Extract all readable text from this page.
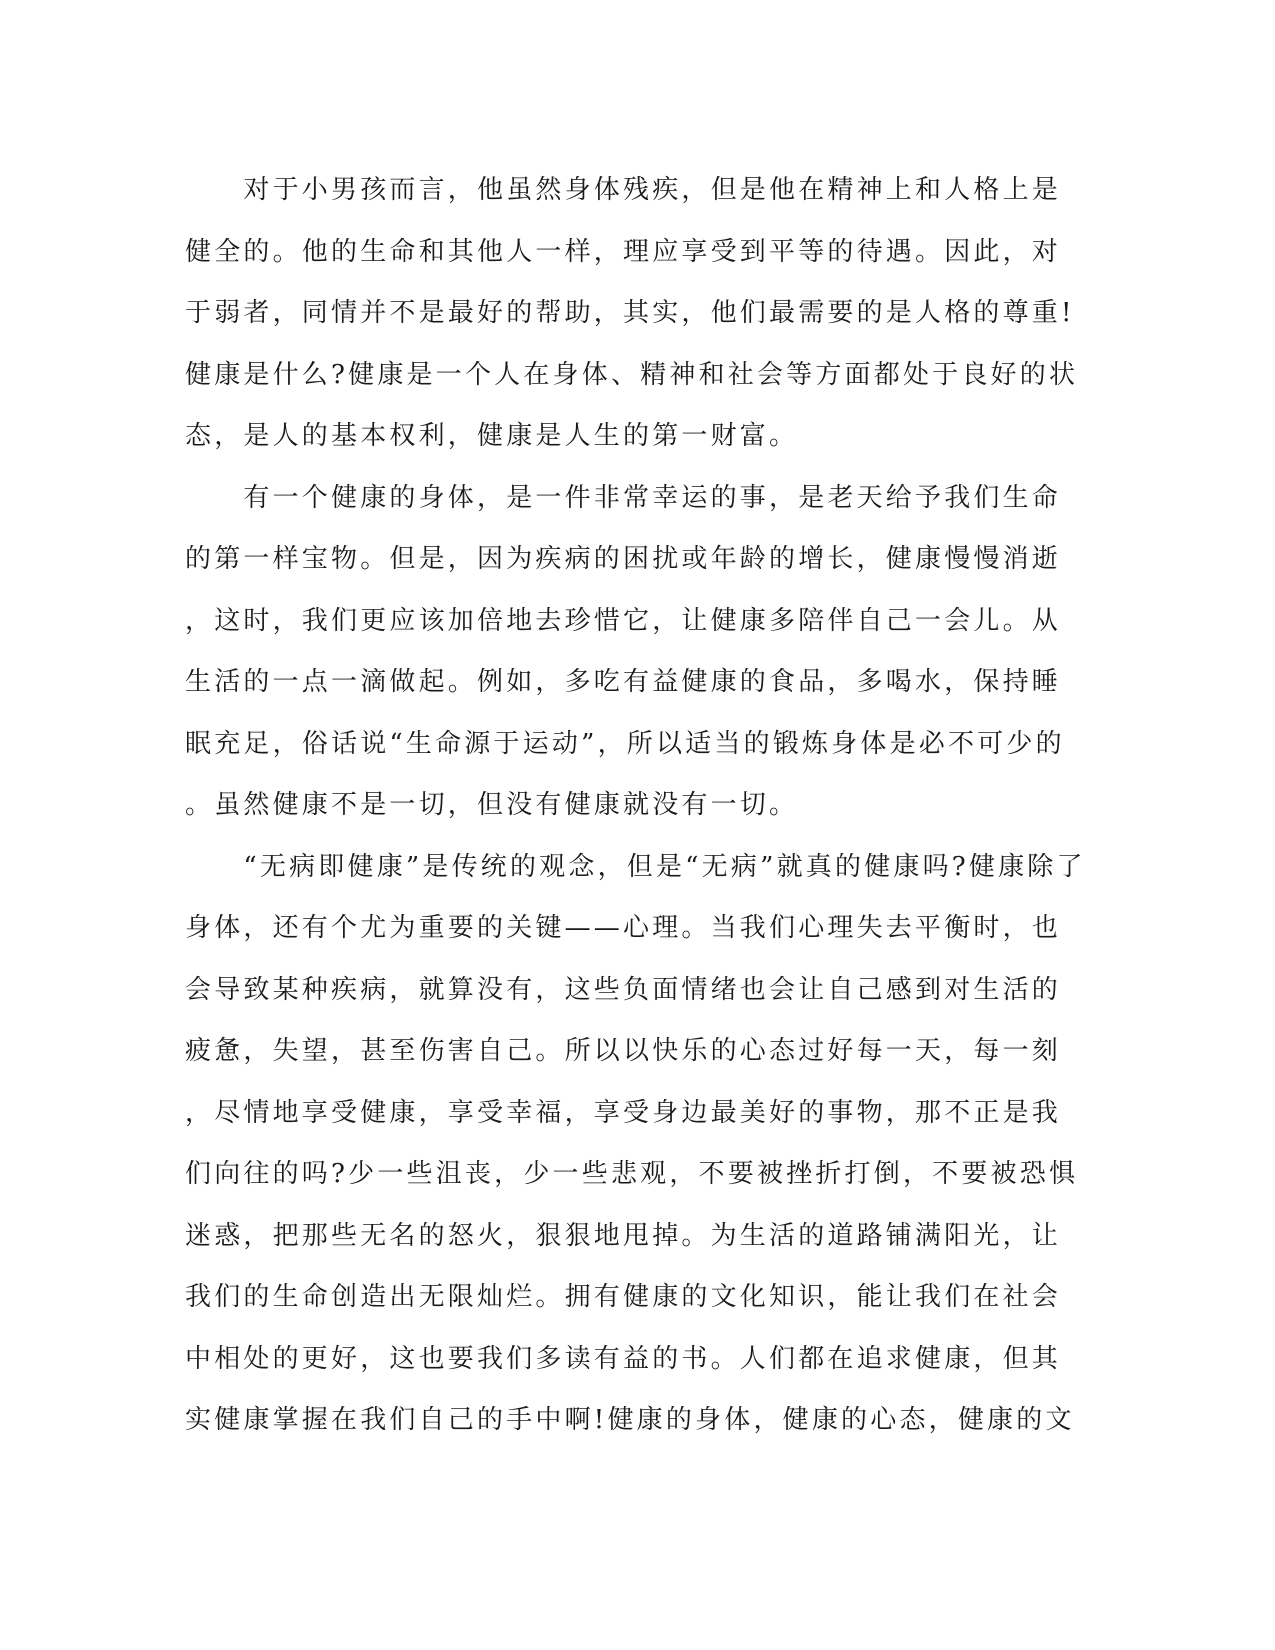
　　对于小男孩而言，他虽然身体残疾，但是他在精神上和人格上是
健全的。他的生命和其他人一样，理应享受到平等的待遇。因此，对
于弱者，同情并不是最好的帮助，其实，他们最需要的是人格的尊重!
健康是什么?健康是一个人在身体、精神和社会等方面都处于良好的状
态，是人的基本权利，健康是人生的第一财富。
　　有一个健康的身体，是一件非常幸运的事，是老天给予我们生命
的第一样宝物。但是，因为疾病的困扰或年龄的增长，健康慢慢消逝
，这时，我们更应该加倍地去珍惜它，让健康多陪伴自己一会儿。从
生活的一点一滴做起。例如，多吃有益健康的食品，多喝水，保持睡
眠充足，俗话说“生命源于运动”，所以适当的锻炼身体是必不可少的
。虽然健康不是一切，但没有健康就没有一切。
　　“无病即健康”是传统的观念，但是“无病”就真的健康吗?健康除了
身体，还有个尤为重要的关键——心理。当我们心理失去平衡时，也
会导致某种疾病，就算没有，这些负面情绪也会让自己感到对生活的
疲惫，失望，甚至伤害自己。所以以快乐的心态过好每一天，每一刻
，尽情地享受健康，享受幸福，享受身边最美好的事物，那不正是我
们向往的吗?少一些沮丧，少一些悲观，不要被挫折打倒，不要被恐惧
迷惑，把那些无名的怒火，狠狠地甩掉。为生活的道路铺满阳光，让
我们的生命创造出无限灿烂。拥有健康的文化知识，能让我们在社会
中相处的更好，这也要我们多读有益的书。人们都在追求健康，但其
实健康掌握在我们自己的手中啊!健康的身体，健康的心态，健康的文
